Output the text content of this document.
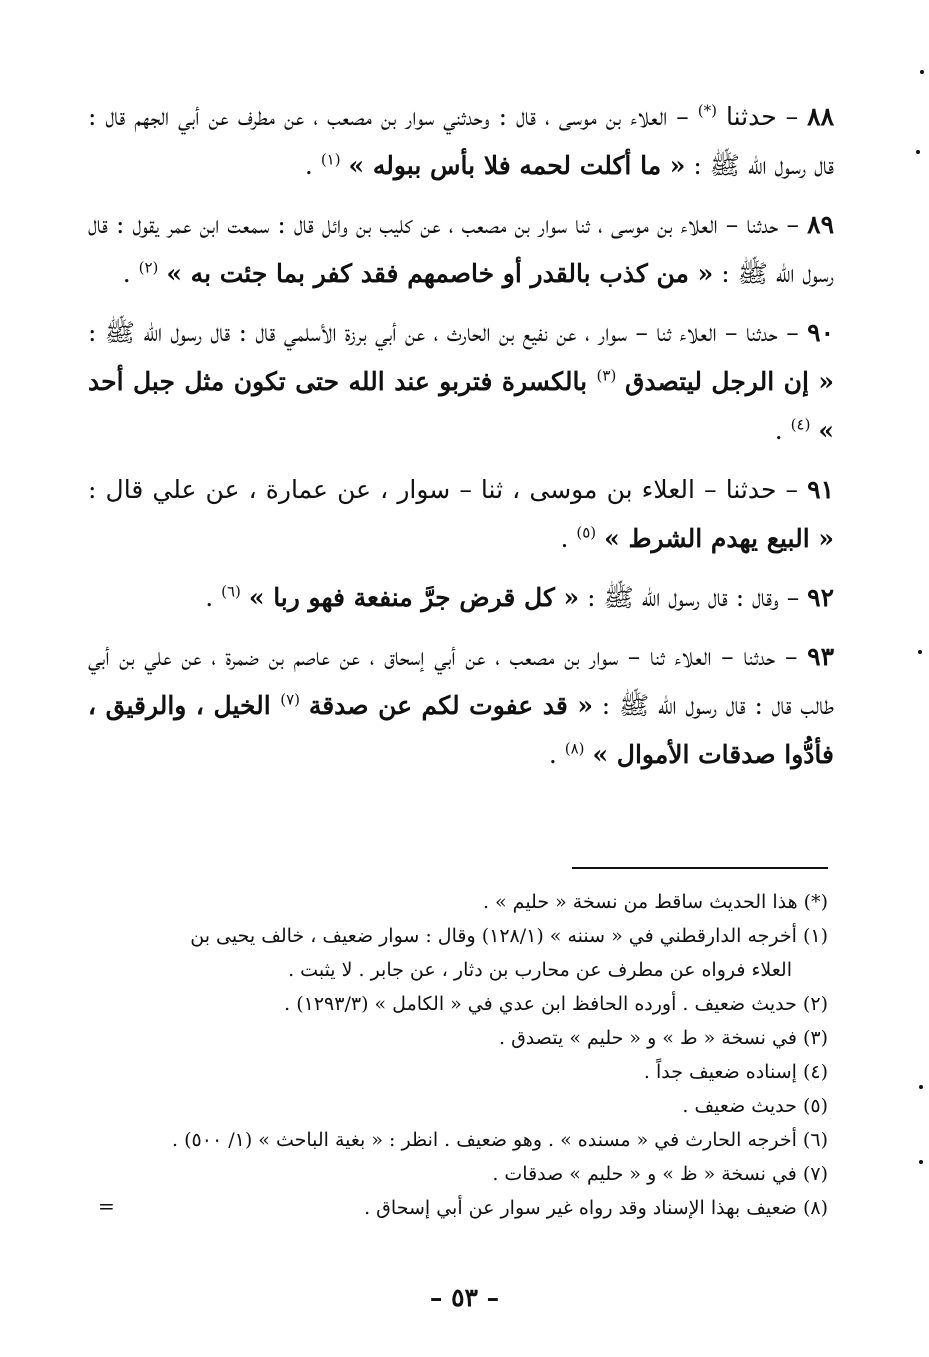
٨٨ – حدثنا (*) – العلاء بن موسى ، قال : وحدثني سوار بن مصعب ، عن مطرف عن أبي الجهم قال : قال رسول الله ﷺ : « ما أكلت لحمه فلا بأس ببوله » $^{(١)}$ .

٨٩ – حدثنا – العلاء بن موسى ، ثنا سوار بن مصعب ، عن كليب بن وائل قال : سمعت ابن عمر يقول : قال رسول الله ﷺ : « من كذب بالقدر أو خاصمهم فقد كفر بما جئت به » $^{(٢)}$ .

٩٠ – حدثنا – العلاء ثنا – سوار ، عن نفيع بن الحارث ، عن أبي برزة الأسلمي قال : قال رسول الله ﷺ : « إن الرجل ليتصدق $^{(٣)}$ بالكسرة فتربو عند الله حتى تكون مثل جبل أحد » $^{(٤)}$ .

٩١ – حدثنا – العلاء بن موسى ، ثنا – سوار ، عن عمارة ، عن علي قال : « البيع يهدم الشرط » $^{(٥)}$ .

٩٢ – وقال : قال رسول الله ﷺ : « كل قرض جرَّ منفعة فهو ربا » $^{(٦)}$ .

٩٣ – حدثنا – العلاء ثنا – سوار بن مصعب ، عن أبي إسحاق ، عن عاصم بن ضمرة ، عن علي بن أبي طالب قال : قال رسول الله ﷺ : « قد عفوت لكم عن صدقة $^{(٧)}$ الخيل ، والرقيق ، فأدُّوا صدقات الأموال » $^{(٨)}$ .

(*) هذا الحديث ساقط من نسخة « حليم » .

(١) أخرجه الدارقطني في « سننه » (١٢٨/١) وقال : سوار ضعيف ، خالف يحيى بن

العلاء فرواه عن مطرف عن محارب بن دثار ، عن جابر . لا يثبت .

(٢) حديث ضعيف . أورده الحافظ ابن عدي في « الكامل » (١٢٩٣/٣) .

(٣) في نسخة « ط » و « حليم » يتصدق .

(٤) إسناده ضعيف جداً .

(٥) حديث ضعيف .

(٦) أخرجه الحارث في « مسنده » . وهو ضعيف . انظر : « بغية الباحث » (١/ ٥٠٠) .

(٧) في نسخة « ظ » و « حليم » صدقات .

(٨) ضعيف بهذا الإسناد وقد رواه غير سوار عن أبي إسحاق .
=

– ٥٣ –
